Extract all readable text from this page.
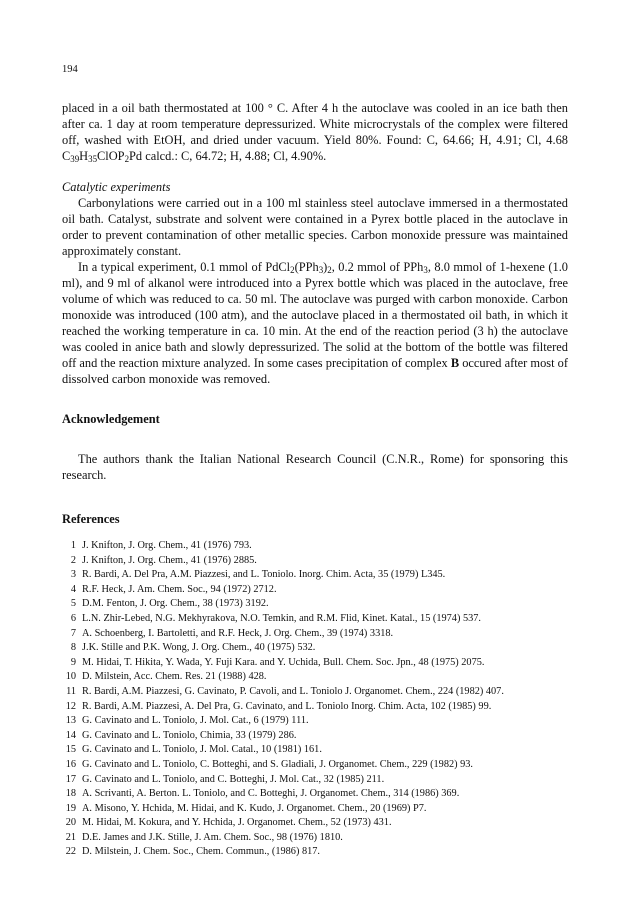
194

placed in a oil bath thermostated at 100 ° C. After 4 h the autoclave was cooled in an ice bath then after ca. 1 day at room temperature depressurized. White microcrystals of the complex were filtered off, washed with EtOH, and dried under vacuum. Yield 80%. Found: C, 64.66; H, 4.91; Cl, 4.68 $C_{39}H_{35}ClOP_2Pd$ calcd.: C, 64.72; H, 4.88; Cl, 4.90%.

Catalytic experiments

Carbonylations were carried out in a 100 ml stainless steel autoclave immersed in a thermostated oil bath. Catalyst, substrate and solvent were contained in a Pyrex bottle placed in the autoclave in order to prevent contamination of other metallic species. Carbon monoxide pressure was maintained approximately constant.

In a typical experiment, 0.1 mmol of $PdCl_2(PPh_3)_2$, 0.2 mmol of PPh$_3$, 8.0 mmol of 1-hexene (1.0 ml), and 9 ml of alkanol were introduced into a Pyrex bottle which was placed in the autoclave, free volume of which was reduced to ca. 50 ml. The autoclave was purged with carbon monoxide. Carbon monoxide was introduced (100 atm), and the autoclave placed in a thermostated oil bath, in which it reached the working temperature in ca. 10 min. At the end of the reaction period (3 h) the autoclave was cooled in anice bath and slowly depressurized. The solid at the bottom of the bottle was filtered off and the reaction mixture analyzed. In some cases precipitation of complex B occured after most of dissolved carbon monoxide was removed.

Acknowledgement

The authors thank the Italian National Research Council (C.N.R., Rome) for sponsoring this research.

References
1 J. Knifton, J. Org. Chem., 41 (1976) 793.
2 J. Knifton, J. Org. Chem., 41 (1976) 2885.
3 R. Bardi, A. Del Pra, A.M. Piazzesi, and L. Toniolo. Inorg. Chim. Acta, 35 (1979) L345.
4 R.F. Heck, J. Am. Chem. Soc., 94 (1972) 2712.
5 D.M. Fenton, J. Org. Chem., 38 (1973) 3192.
6 L.N. Zhir-Lebed, N.G. Mekhyrakova, N.O. Temkin, and R.M. Flid, Kinet. Katal., 15 (1974) 537.
7 A. Schoenberg, I. Bartoletti, and R.F. Heck, J. Org. Chem., 39 (1974) 3318.
8 J.K. Stille and P.K. Wong, J. Org. Chem., 40 (1975) 532.
9 M. Hidai, T. Hikita, Y. Wada, Y. Fuji Kara. and Y. Uchida, Bull. Chem. Soc. Jpn., 48 (1975) 2075.
10 D. Milstein, Acc. Chem. Res. 21 (1988) 428.
11 R. Bardi, A.M. Piazzesi, G. Cavinato, P. Cavoli, and L. Toniolo J. Organomet. Chem., 224 (1982) 407.
12 R. Bardi, A.M. Piazzesi, A. Del Pra, G. Cavinato, and L. Toniolo Inorg. Chim. Acta, 102 (1985) 99.
13 G. Cavinato and L. Toniolo, J. Mol. Cat., 6 (1979) 111.
14 G. Cavinato and L. Toniolo, Chimia, 33 (1979) 286.
15 G. Cavinato and L. Toniolo, J. Mol. Catal., 10 (1981) 161.
16 G. Cavinato and L. Toniolo, C. Botteghi, and S. Gladiali, J. Organomet. Chem., 229 (1982) 93.
17 G. Cavinato and L. Toniolo, and C. Botteghi, J. Mol. Cat., 32 (1985) 211.
18 A. Scrivanti, A. Berton. L. Toniolo, and C. Botteghi, J. Organomet. Chem., 314 (1986) 369.
19 A. Misono, Y. Hchida, M. Hidai, and K. Kudo, J. Organomet. Chem., 20 (1969) P7.
20 M. Hidai, M. Kokura, and Y. Hchida, J. Organomet. Chem., 52 (1973) 431.
21 D.E. James and J.K. Stille, J. Am. Chem. Soc., 98 (1976) 1810.
22 D. Milstein, J. Chem. Soc., Chem. Commun., (1986) 817.
